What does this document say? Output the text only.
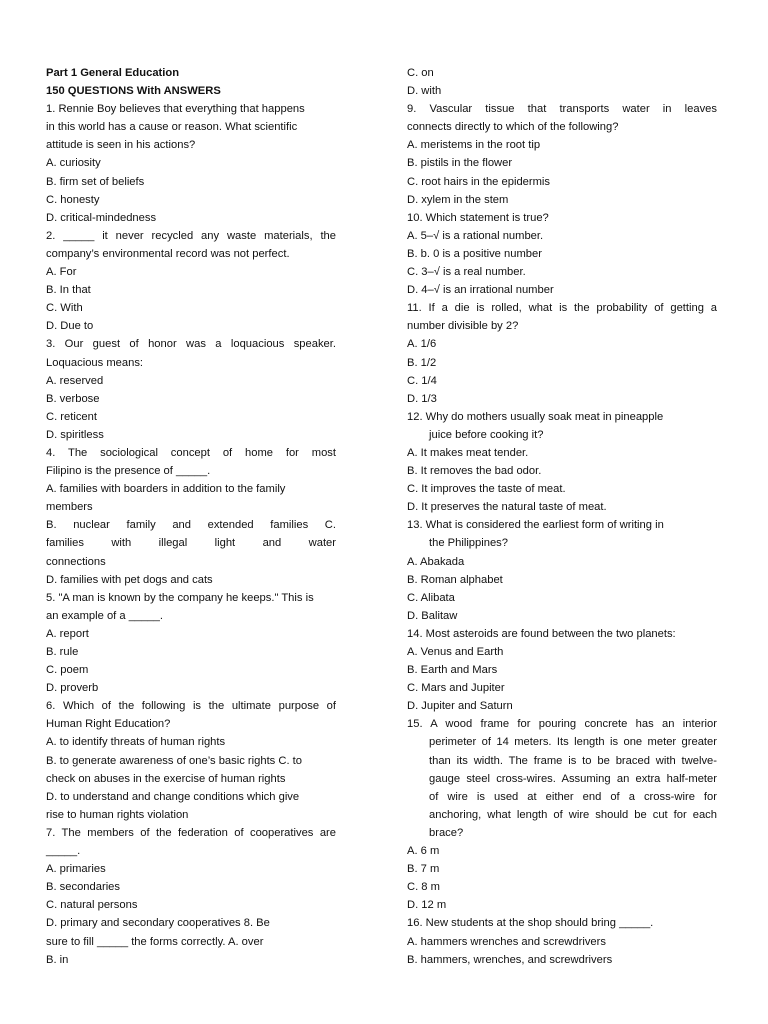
Part 1 General Education
150 QUESTIONS With ANSWERS
1. Rennie Boy believes that everything that happens
in this world has a cause or reason. What scientific
attitude is seen in his actions?
A. curiosity
B. firm set of beliefs
C. honesty
D. critical-mindedness
2. _____ it never recycled any waste materials, the
company’s environmental record was not perfect.
A. For
B. In that
C. With
D. Due to
3. Our guest of honor was a loquacious speaker.
Loquacious means:
A. reserved
B. verbose
C. reticent
D. spiritless
4. The sociological concept of home for most
Filipino is the presence of _____.
A. families with boarders in addition to the family
members
B. nuclear family and extended families C.
families with illegal light and water
connections
D. families with pet dogs and cats
5. "A man is known by the company he keeps." This is
an example of a _____.
A. report
B. rule
C. poem
D. proverb
6. Which of the following is the ultimate purpose of
Human Right Education?
A. to identify threats of human rights
B. to generate awareness of one’s basic rights C. to
check on abuses in the exercise of human rights
D. to understand and change conditions which give
rise to human rights violation
7. The members of the federation of cooperatives are
_____.
A. primaries
B. secondaries
C. natural persons
D. primary and secondary cooperatives 8. Be
sure to fill _____ the forms correctly. A. over
B. in
C. on
D. with
9. Vascular tissue that transports water in leaves
connects directly to which of the following?
A. meristems in the root tip
B. pistils in the flower
C. root hairs in the epidermis
D. xylem in the stem
10. Which statement is true?
A. 5–√ is a rational number.
B. b. 0 is a positive number
C. 3–√ is a real number.
D. 4–√ is an irrational number
11. If a die is rolled, what is the probability of getting a
number divisible by 2?
A. 1/6
B. 1/2
C. 1/4
D. 1/3
12. Why do mothers usually soak meat in pineapple
juice before cooking it?
A. It makes meat tender.
B. It removes the bad odor.
C. It improves the taste of meat.
D. It preserves the natural taste of meat.
13. What is considered the earliest form of writing in
the Philippines?
A. Abakada
B. Roman alphabet
C. Alibata
D. Balitaw
14. Most asteroids are found between the two planets:
A. Venus and Earth
B. Earth and Mars
C. Mars and Jupiter
D. Jupiter and Saturn
15. A wood frame for pouring concrete has an interior
perimeter of 14 meters. Its length is one meter greater
than its width. The frame is to be braced with twelve-
gauge steel cross-wires. Assuming an extra half-meter
of wire is used at either end of a cross-wire for
anchoring, what length of wire should be cut for each
brace?
A. 6 m
B. 7 m
C. 8 m
D. 12 m
16. New students at the shop should bring _____.
A. hammers wrenches and screwdrivers
B. hammers, wrenches, and screwdrivers
